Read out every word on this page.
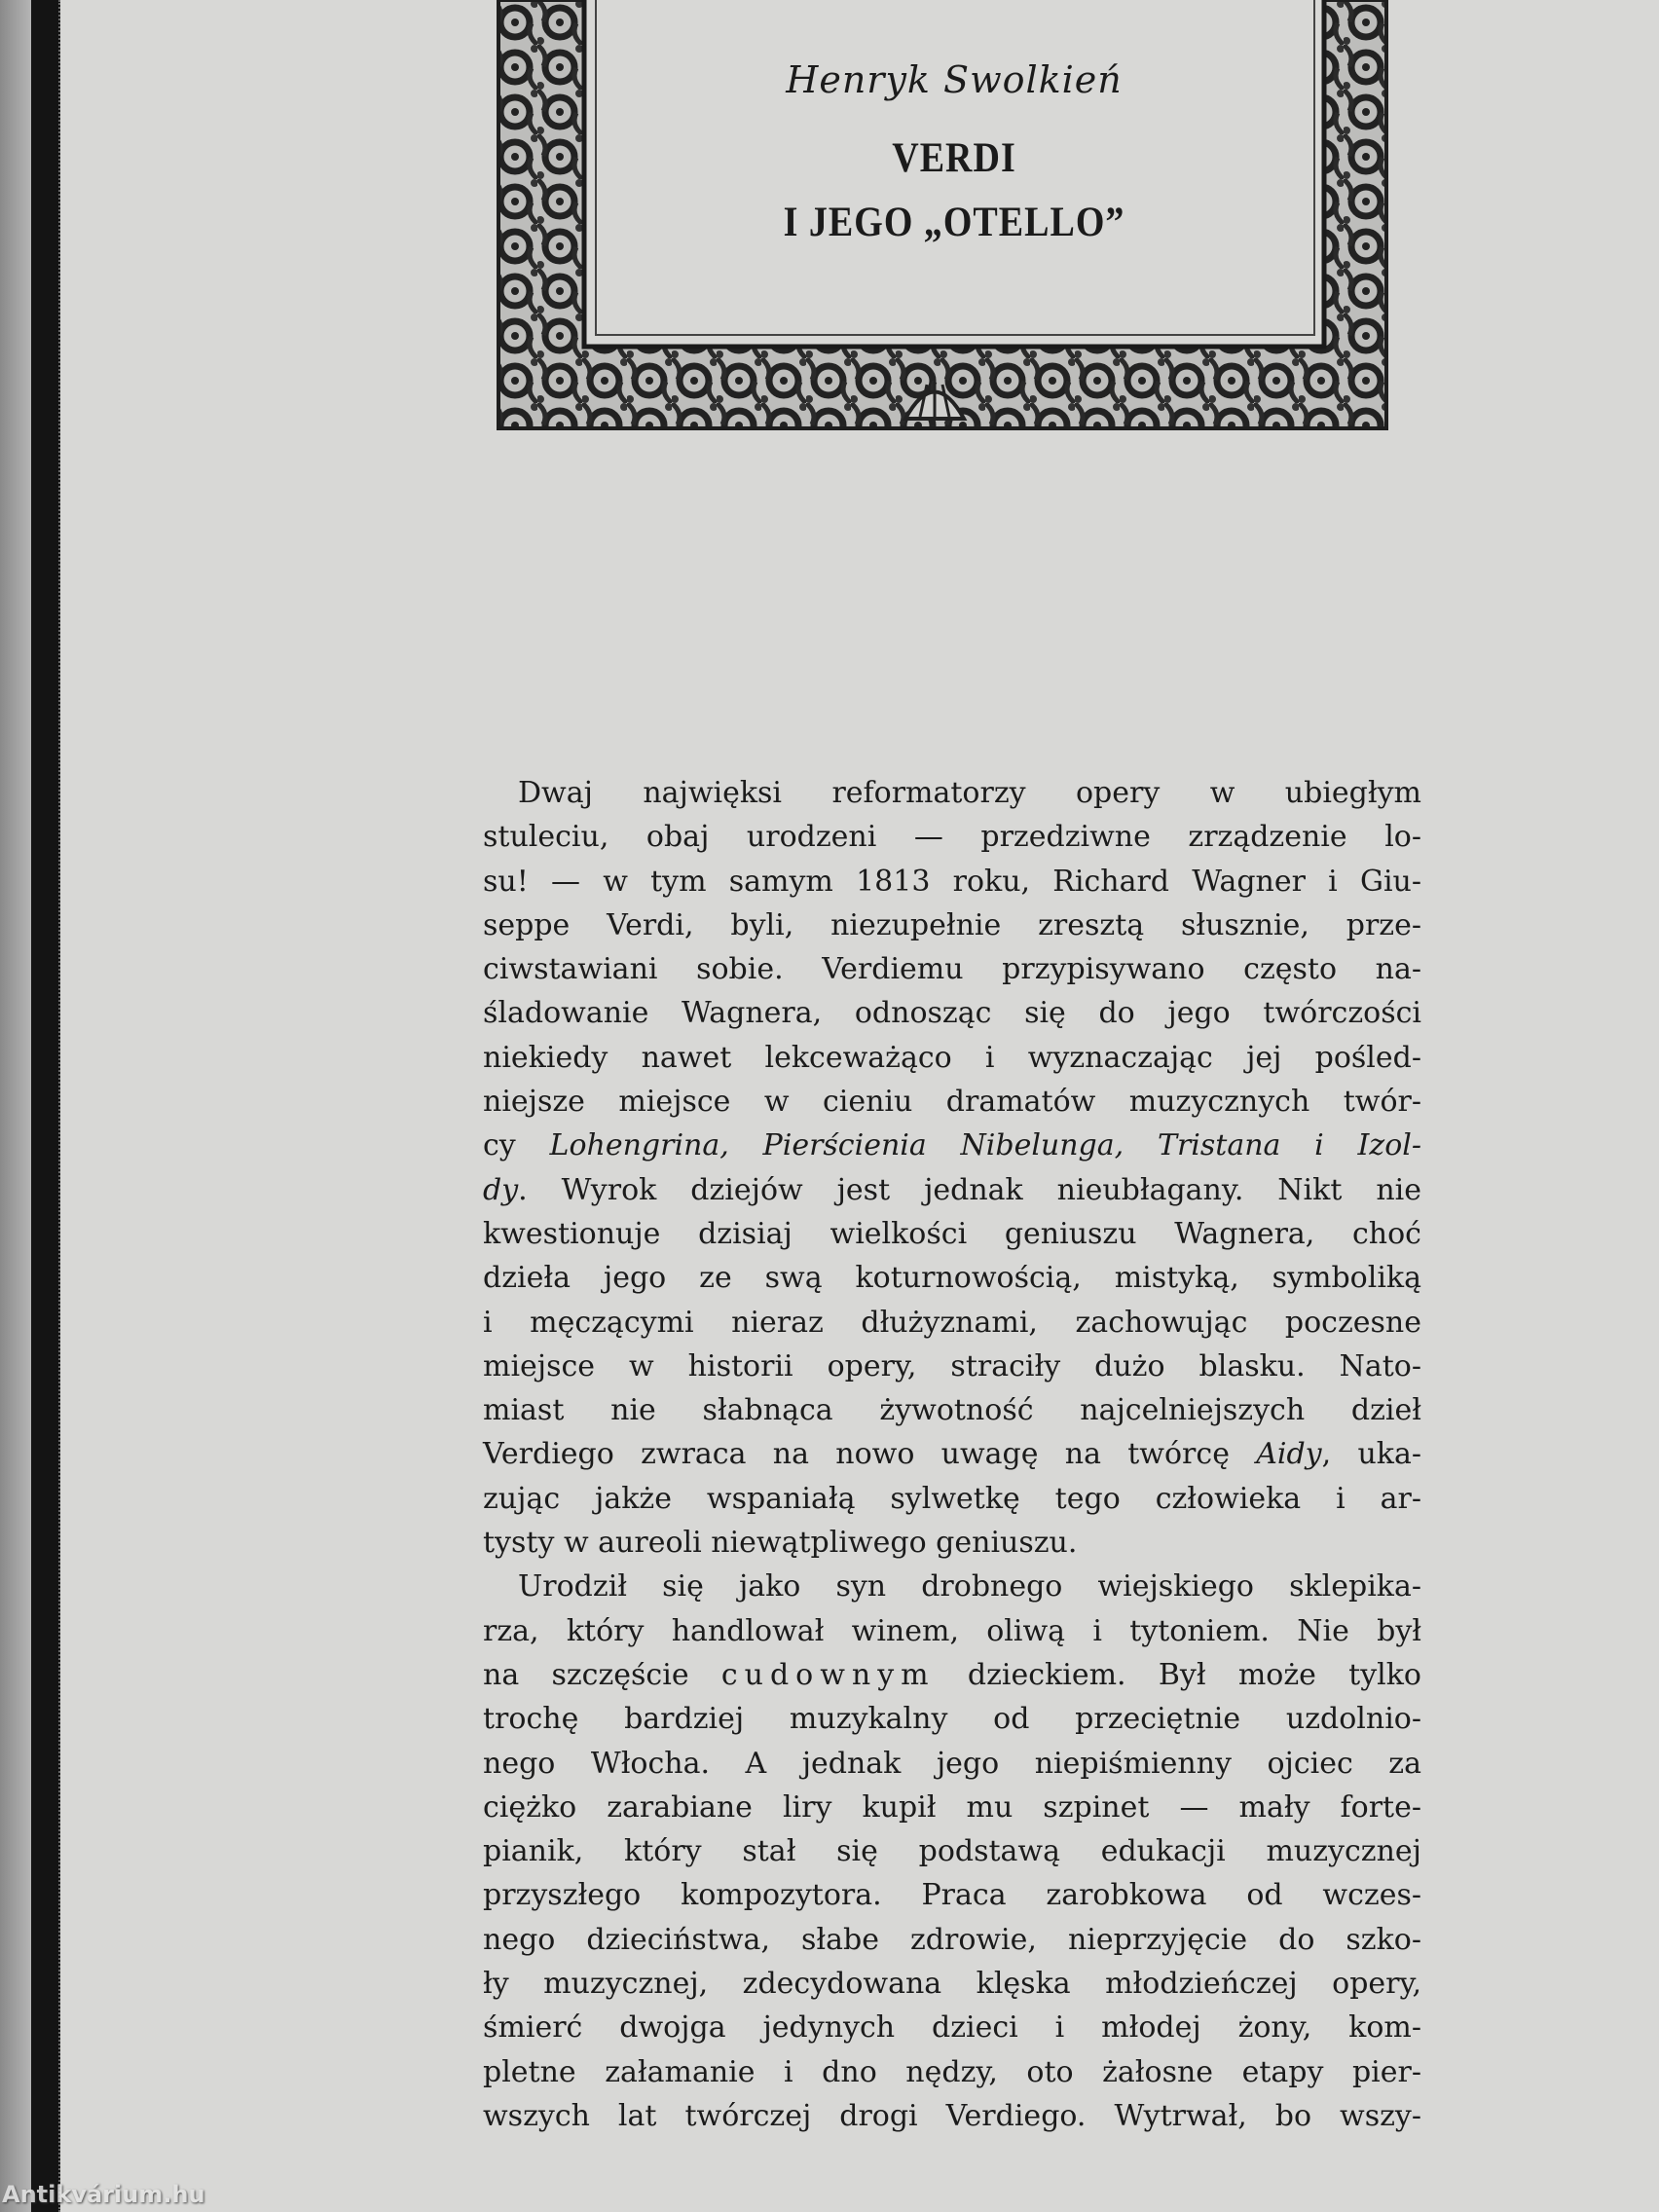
Henryk Swolkień
VERDI
I JEGO „OTELLO”
Dwaj najwięksi reformatorzy opery w ubiegłym
stuleciu, obaj urodzeni — przedziwne zrządzenie lo-
su! — w tym samym 1813 roku, Richard Wagner i Giu-
seppe Verdi, byli, niezupełnie zresztą słusznie, prze-
ciwstawiani sobie. Verdiemu przypisywano często na-
śladowanie Wagnera, odnosząc się do jego twórczości
niekiedy nawet lekceważąco i wyznaczając jej pośled-
niejsze miejsce w cieniu dramatów muzycznych twór-
cy Lohengrina, Pierścienia Nibelunga, Tristana i Izol-
dy. Wyrok dziejów jest jednak nieubłagany. Nikt nie
kwestionuje dzisiaj wielkości geniuszu Wagnera, choć
dzieła jego ze swą koturnowością, mistyką, symboliką
i męczącymi nieraz dłużyznami, zachowując poczesne
miejsce w historii opery, straciły dużo blasku. Nato-
miast nie słabnąca żywotność najcelniejszych dzieł
Verdiego zwraca na nowo uwagę na twórcę Aidy, uka-
zując jakże wspaniałą sylwetkę tego człowieka i ar-
tysty w aureoli niewątpliwego geniuszu.
Urodził się jako syn drobnego wiejskiego sklepika-
rza, który handlował winem, oliwą i tytoniem. Nie był
na szczęście cudownym dzieckiem. Był może tylko
trochę bardziej muzykalny od przeciętnie uzdolnio-
nego Włocha. A jednak jego niepiśmienny ojciec za
ciężko zarabiane liry kupił mu szpinet — mały forte-
pianik, który stał się podstawą edukacji muzycznej
przyszłego kompozytora. Praca zarobkowa od wczes-
nego dzieciństwa, słabe zdrowie, nieprzyjęcie do szko-
ły muzycznej, zdecydowana klęska młodzieńczej opery,
śmierć dwojga jedynych dzieci i młodej żony, kom-
pletne załamanie i dno nędzy, oto żałosne etapy pier-
wszych lat twórczej drogi Verdiego. Wytrwał, bo wszy-
Antikvárium.hu
